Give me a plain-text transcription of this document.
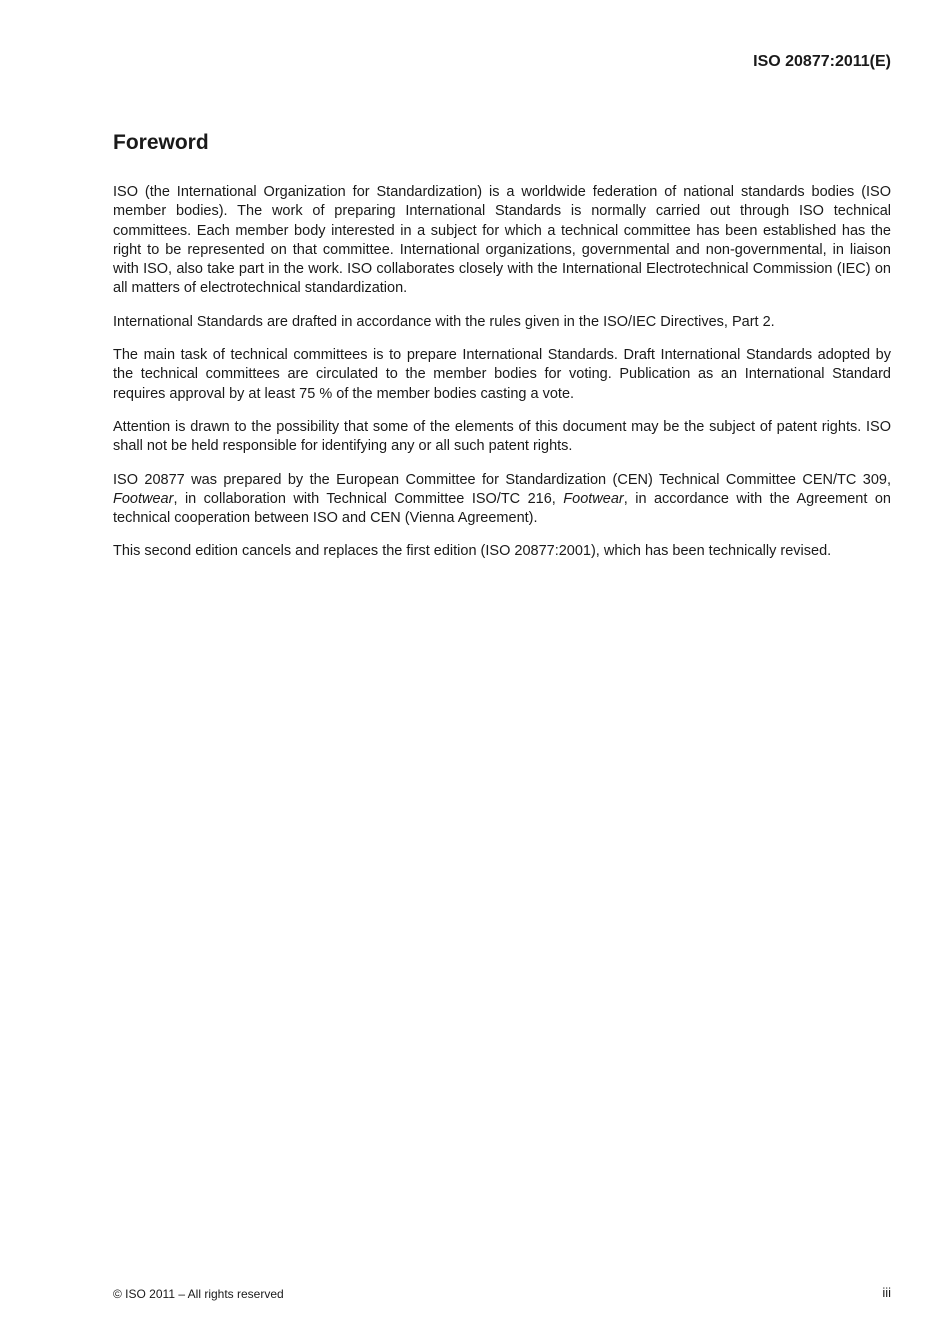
ISO 20877:2011(E)

Foreword

ISO (the International Organization for Standardization) is a worldwide federation of national standards bodies (ISO member bodies). The work of preparing International Standards is normally carried out through ISO technical committees. Each member body interested in a subject for which a technical committee has been established has the right to be represented on that committee. International organizations, governmental and non-governmental, in liaison with ISO, also take part in the work. ISO collaborates closely with the International Electrotechnical Commission (IEC) on all matters of electrotechnical standardization.

International Standards are drafted in accordance with the rules given in the ISO/IEC Directives, Part 2.

The main task of technical committees is to prepare International Standards. Draft International Standards adopted by the technical committees are circulated to the member bodies for voting. Publication as an International Standard requires approval by at least 75 % of the member bodies casting a vote.

Attention is drawn to the possibility that some of the elements of this document may be the subject of patent rights. ISO shall not be held responsible for identifying any or all such patent rights.

ISO 20877 was prepared by the European Committee for Standardization (CEN) Technical Committee CEN/TC 309, Footwear, in collaboration with Technical Committee ISO/TC 216, Footwear, in accordance with the Agreement on technical cooperation between ISO and CEN (Vienna Agreement).

This second edition cancels and replaces the first edition (ISO 20877:2001), which has been technically revised.

© ISO 2011 – All rights reserved	iii
